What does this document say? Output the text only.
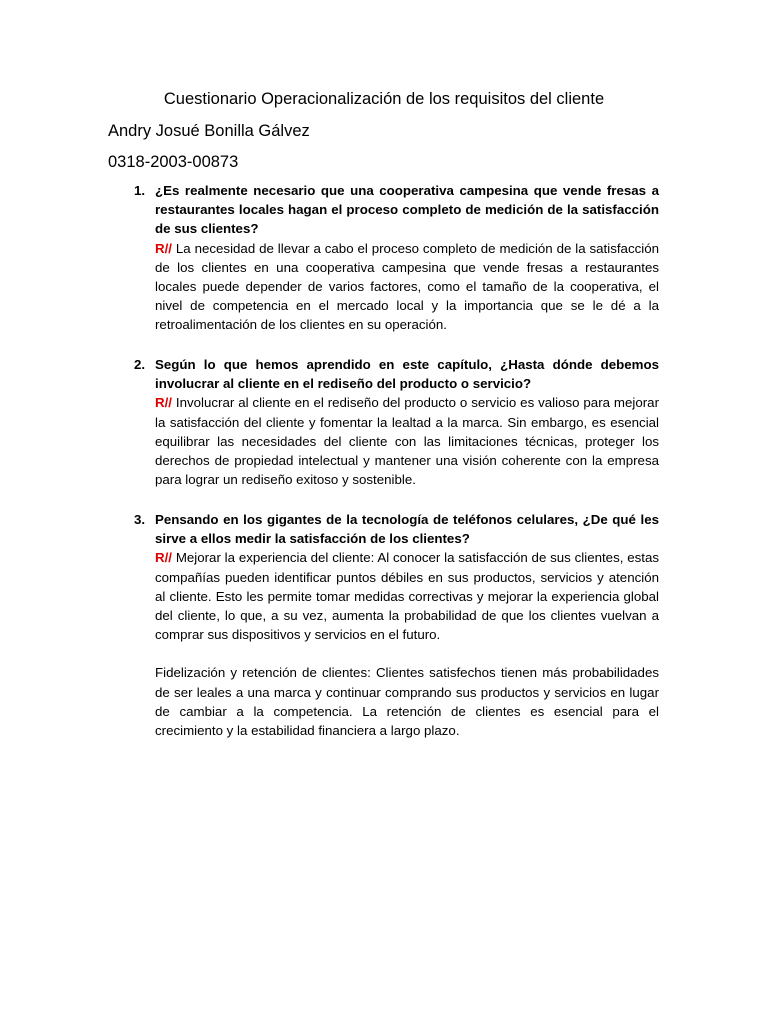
Cuestionario Operacionalización de los requisitos del cliente
Andry Josué Bonilla Gálvez
0318-2003-00873
1. ¿Es realmente necesario que una cooperativa campesina que vende fresas a restaurantes locales hagan el proceso completo de medición de la satisfacción de sus clientes?

R// La necesidad de llevar a cabo el proceso completo de medición de la satisfacción de los clientes en una cooperativa campesina que vende fresas a restaurantes locales puede depender de varios factores, como el tamaño de la cooperativa, el nivel de competencia en el mercado local y la importancia que se le dé a la retroalimentación de los clientes en su operación.

2. Según lo que hemos aprendido en este capítulo, ¿Hasta dónde debemos involucrar al cliente en el rediseño del producto o servicio?

R// Involucrar al cliente en el rediseño del producto o servicio es valioso para mejorar la satisfacción del cliente y fomentar la lealtad a la marca. Sin embargo, es esencial equilibrar las necesidades del cliente con las limitaciones técnicas, proteger los derechos de propiedad intelectual y mantener una visión coherente con la empresa para lograr un rediseño exitoso y sostenible.

3. Pensando en los gigantes de la tecnología de teléfonos celulares, ¿De qué les sirve a ellos medir la satisfacción de los clientes?

R// Mejorar la experiencia del cliente: Al conocer la satisfacción de sus clientes, estas compañías pueden identificar puntos débiles en sus productos, servicios y atención al cliente. Esto les permite tomar medidas correctivas y mejorar la experiencia global del cliente, lo que, a su vez, aumenta la probabilidad de que los clientes vuelvan a comprar sus dispositivos y servicios en el futuro.

Fidelización y retención de clientes: Clientes satisfechos tienen más probabilidades de ser leales a una marca y continuar comprando sus productos y servicios en lugar de cambiar a la competencia. La retención de clientes es esencial para el crecimiento y la estabilidad financiera a largo plazo.
